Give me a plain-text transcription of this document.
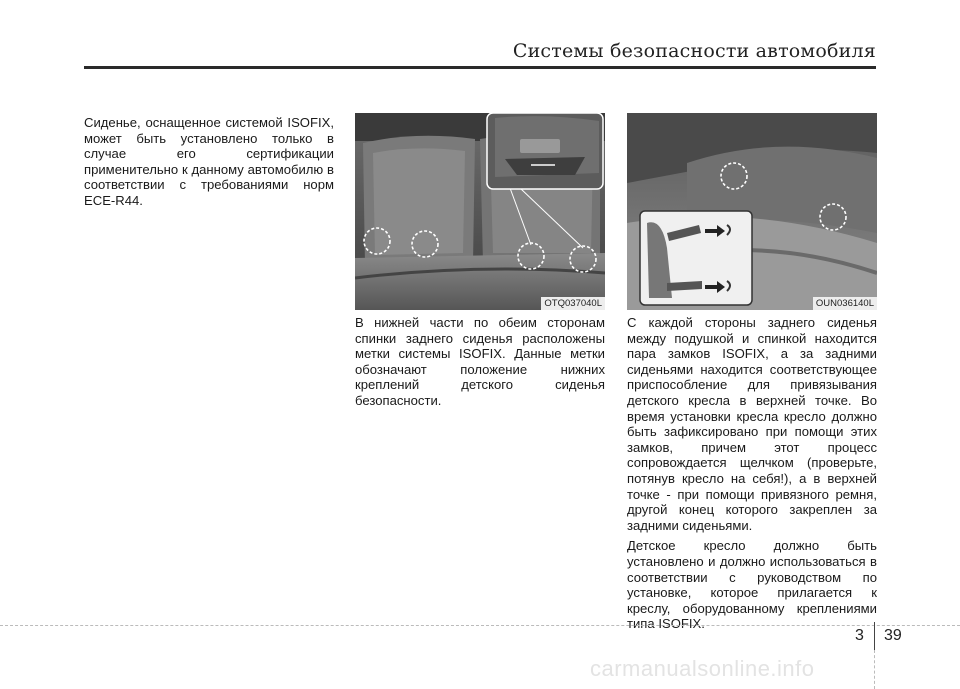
Системы безопасности автомобиля

Сиденье, оснащенное системой ISOFIX, может быть установлено только в случае его сертификации применительно к данному автомобилю в соответствии с требованиями норм ECE-R44.

OTQ037040L

В нижней части по обеим сторонам спинки заднего сиденья расположены метки системы ISOFIX. Данные метки обозначают положение нижних креплений детского сиденья безопасности.

OUN036140L

С каждой стороны заднего сиденья между подушкой и спинкой находится пара замков ISOFIX, а за задними сиденьями находится соответствующее приспособление для привязывания детского кресла в верхней точке. Во время установки кресла кресло должно быть зафиксировано при помощи этих замков, причем этот процесс сопровождается щелчком (проверьте, потянув кресло на себя!), а в верхней точке - при помощи привязного ремня, другой конец которого закреплен за задними сиденьями.

Детское кресло должно быть установлено и должно использоваться в соответствии с руководством по установке, которое прилагается к креслу, оборудованному креплениями типа ISOFIX.

3 39
carmanualsonline.info
